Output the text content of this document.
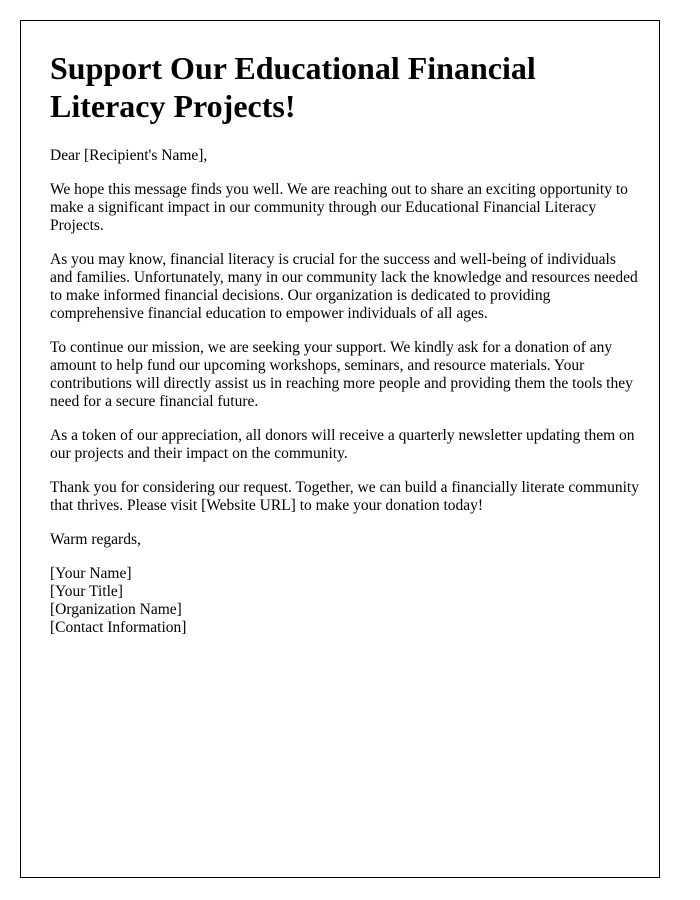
Support Our Educational Financial Literacy Projects!

Dear [Recipient's Name],

We hope this message finds you well. We are reaching out to share an exciting opportunity to make a significant impact in our community through our Educational Financial Literacy Projects.

As you may know, financial literacy is crucial for the success and well-being of individuals and families. Unfortunately, many in our community lack the knowledge and resources needed to make informed financial decisions. Our organization is dedicated to providing comprehensive financial education to empower individuals of all ages.

To continue our mission, we are seeking your support. We kindly ask for a donation of any amount to help fund our upcoming workshops, seminars, and resource materials. Your contributions will directly assist us in reaching more people and providing them the tools they need for a secure financial future.

As a token of our appreciation, all donors will receive a quarterly newsletter updating them on our projects and their impact on the community.

Thank you for considering our request. Together, we can build a financially literate community that thrives. Please visit [Website URL] to make your donation today!

Warm regards,

[Your Name]

[Your Title]

[Organization Name]

[Contact Information]
